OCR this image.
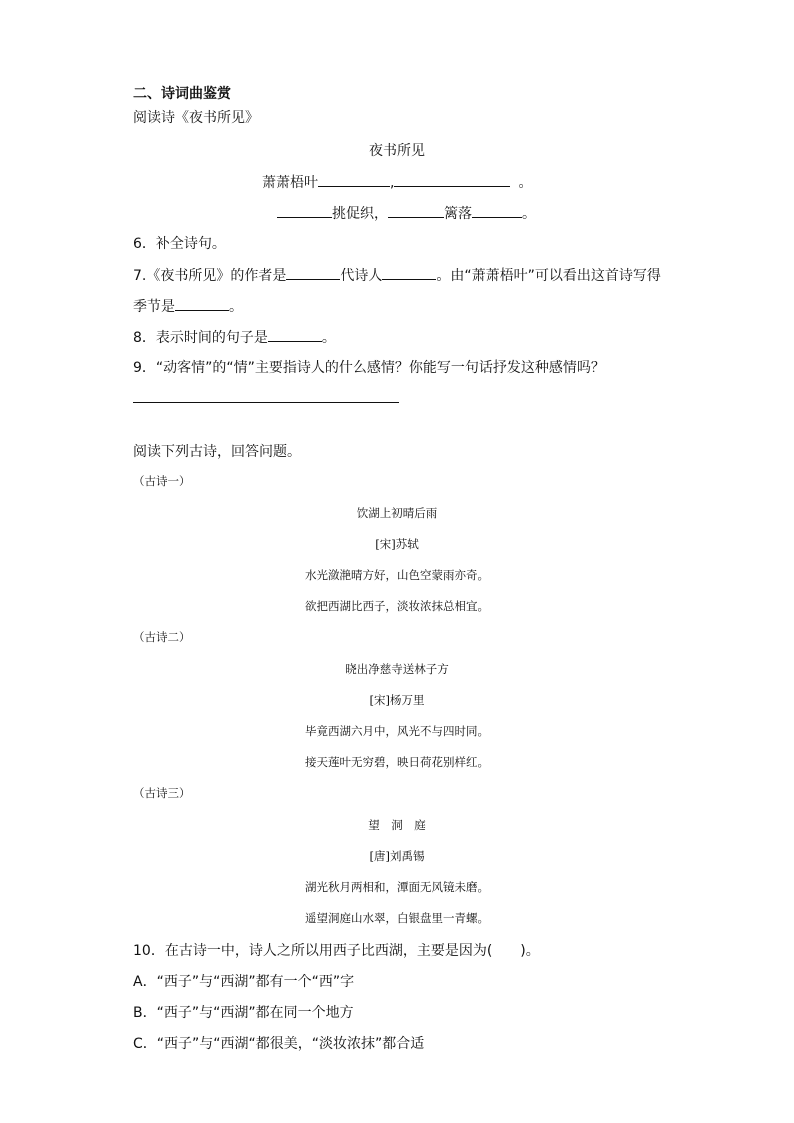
二、诗词曲鉴赏
阅读诗《夜书所见》
夜书所见
萧萧梧叶	,	。
挑促织，	篱落	。
6．补全诗句。
7.《夜书所见》的作者是	代诗人	。由“萧萧梧叶”可以看出这首诗写得
季节是	。
8．表示时间的句子是	。
9．“动客情”的“情”主要指诗人的什么感情？你能写一句话抒发这种感情吗？
阅读下列古诗，回答问题。
（古诗一）
饮湖上初晴后雨
[宋]苏轼
水光潋滟晴方好，山色空蒙雨亦奇。
欲把西湖比西子，淡妆浓抹总相宜。
（古诗二）
晓出净慈寺送林子方
[宋]杨万里
毕竟西湖六月中，风光不与四时同。
接天莲叶无穷碧，映日荷花别样红。
（古诗三）
望　洞　庭
[唐]刘禹锡
湖光秋月两相和，潭面无风镜未磨。
遥望洞庭山水翠，白银盘里一青螺。
10．在古诗一中，诗人之所以用西子比西湖，主要是因为(　　)。
A．“西子”与“西湖”都有一个“西”字
B．“西子”与“西湖”都在同一个地方
C．“西子”与“西湖“都很美，“淡妆浓抹”都合适
